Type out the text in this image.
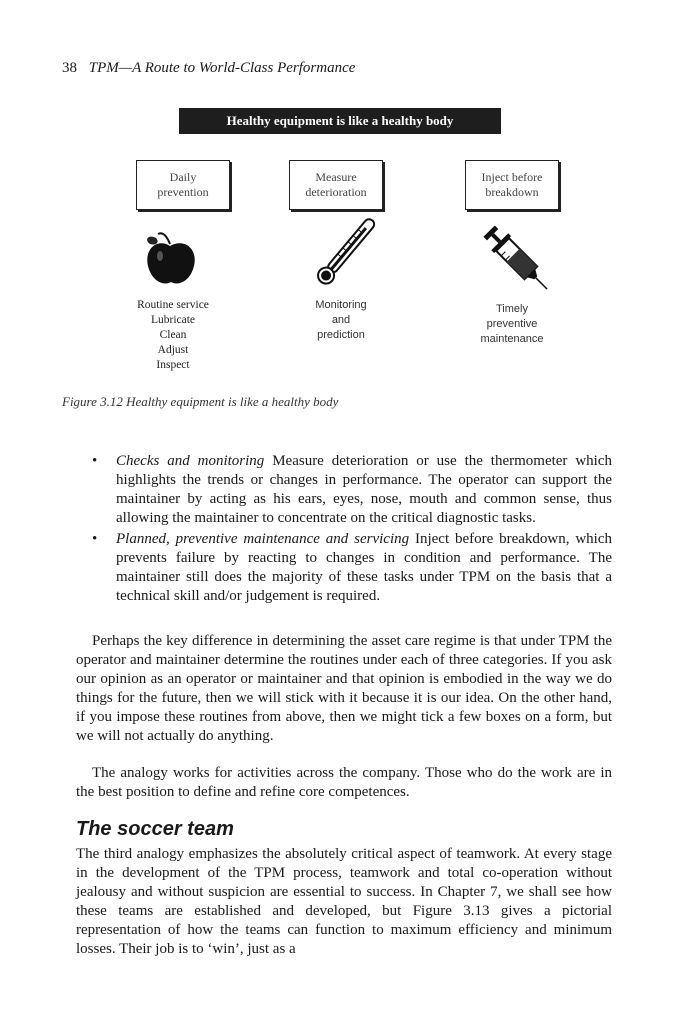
38 TPM—A Route to World-Class Performance
Healthy equipment is like a healthy body
Daily
prevention
Measure
deterioration
Inject before
breakdown
Routine service
Lubricate
Clean
Adjust
Inspect
Monitoring
and
prediction
Timely
preventive
maintenance
Figure 3.12 Healthy equipment is like a healthy body
• Checks and monitoring Measure deterioration or use the thermometer which highlights the trends or changes in performance. The operator can support the maintainer by acting as his ears, eyes, nose, mouth and common sense, thus allowing the maintainer to concentrate on the critical diagnostic tasks.
• Planned, preventive maintenance and servicing Inject before breakdown, which prevents failure by reacting to changes in condition and performance. The maintainer still does the majority of these tasks under TPM on the basis that a technical skill and/or judgement is required.

Perhaps the key difference in determining the asset care regime is that under TPM the operator and maintainer determine the routines under each of three categories. If you ask our opinion as an operator or maintainer and that opinion is embodied in the way we do things for the future, then we will stick with it because it is our idea. On the other hand, if you impose these routines from above, then we might tick a few boxes on a form, but we will not actually do anything.

The analogy works for activities across the company. Those who do the work are in the best position to define and refine core competences.

The soccer team

The third analogy emphasizes the absolutely critical aspect of teamwork. At every stage in the development of the TPM process, teamwork and total co-operation without jealousy and without suspicion are essential to success. In Chapter 7, we shall see how these teams are established and developed, but Figure 3.13 gives a pictorial representation of how the teams can function to maximum efficiency and minimum losses. Their job is to ‘win’, just as a
